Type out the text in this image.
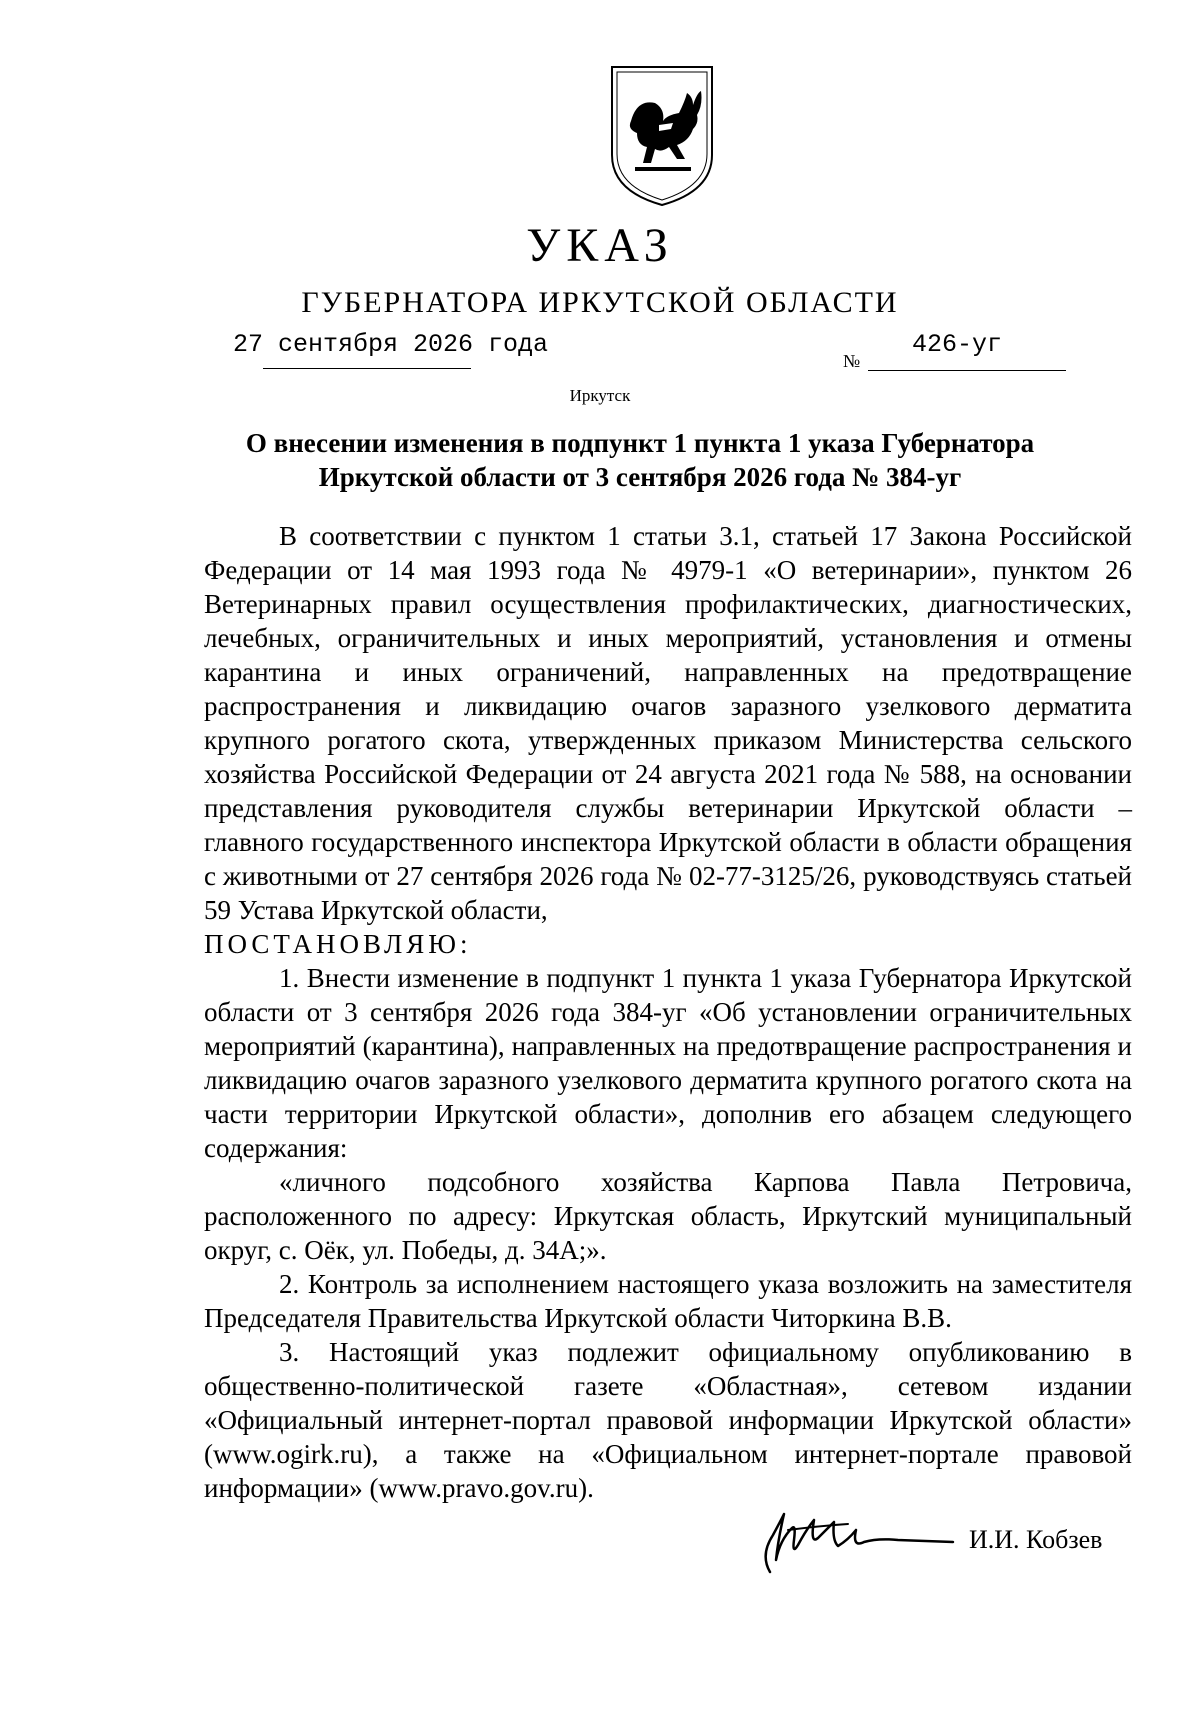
УКАЗ
ГУБЕРНАТОРА ИРКУТСКОЙ ОБЛАСТИ
27 сентября 2026 года
№
426-уг
Иркутск
О внесении изменения в подпункт 1 пункта 1 указа Губернатора
Иркутской области от 3 сентября 2026 года № 384-уг

В соответствии с пунктом 1 статьи 3.1, статьей 17 Закона Российской Федерации от 14 мая 1993 года № 4979-1 «О ветеринарии», пунктом 26 Ветеринарных правил осуществления профилактических, диагностических, лечебных, ограничительных и иных мероприятий, установления и отмены карантина и иных ограничений, направленных на предотвращение распространения и ликвидацию очагов заразного узелкового дерматита крупного рогатого скота, утвержденных приказом Министерства сельского хозяйства Российской Федерации от 24 августа 2021 года № 588, на основании представления руководителя службы ветеринарии Иркутской области – главного государственного инспектора Иркутской области в области обращения с животными от 27 сентября 2026 года № 02-77-3125/26, руководствуясь статьей 59 Устава Иркутской области,

ПОСТАНОВЛЯЮ:

1. Внести изменение в подпункт 1 пункта 1 указа Губернатора Иркутской области от 3 сентября 2026 года 384-уг «Об установлении ограничительных мероприятий (карантина), направленных на предотвращение распространения и ликвидацию очагов заразного узелкового дерматита крупного рогатого скота на части территории Иркутской области», дополнив его абзацем следующего содержания:

«личного подсобного хозяйства Карпова Павла Петровича, расположенного по адресу: Иркутская область, Иркутский муниципальный округ, с. Оёк, ул. Победы, д. 34А;».

2. Контроль за исполнением настоящего указа возложить на заместителя Председателя Правительства Иркутской области Читоркина В.В.

3. Настоящий указ подлежит официальному опубликованию в общественно-политической газете «Областная», сетевом издании «Официальный интернет-портал правовой информации Иркутской области» (www.ogirk.ru), а также на «Официальном интернет-портале правовой информации» (www.pravo.gov.ru).

И.И. Кобзев
